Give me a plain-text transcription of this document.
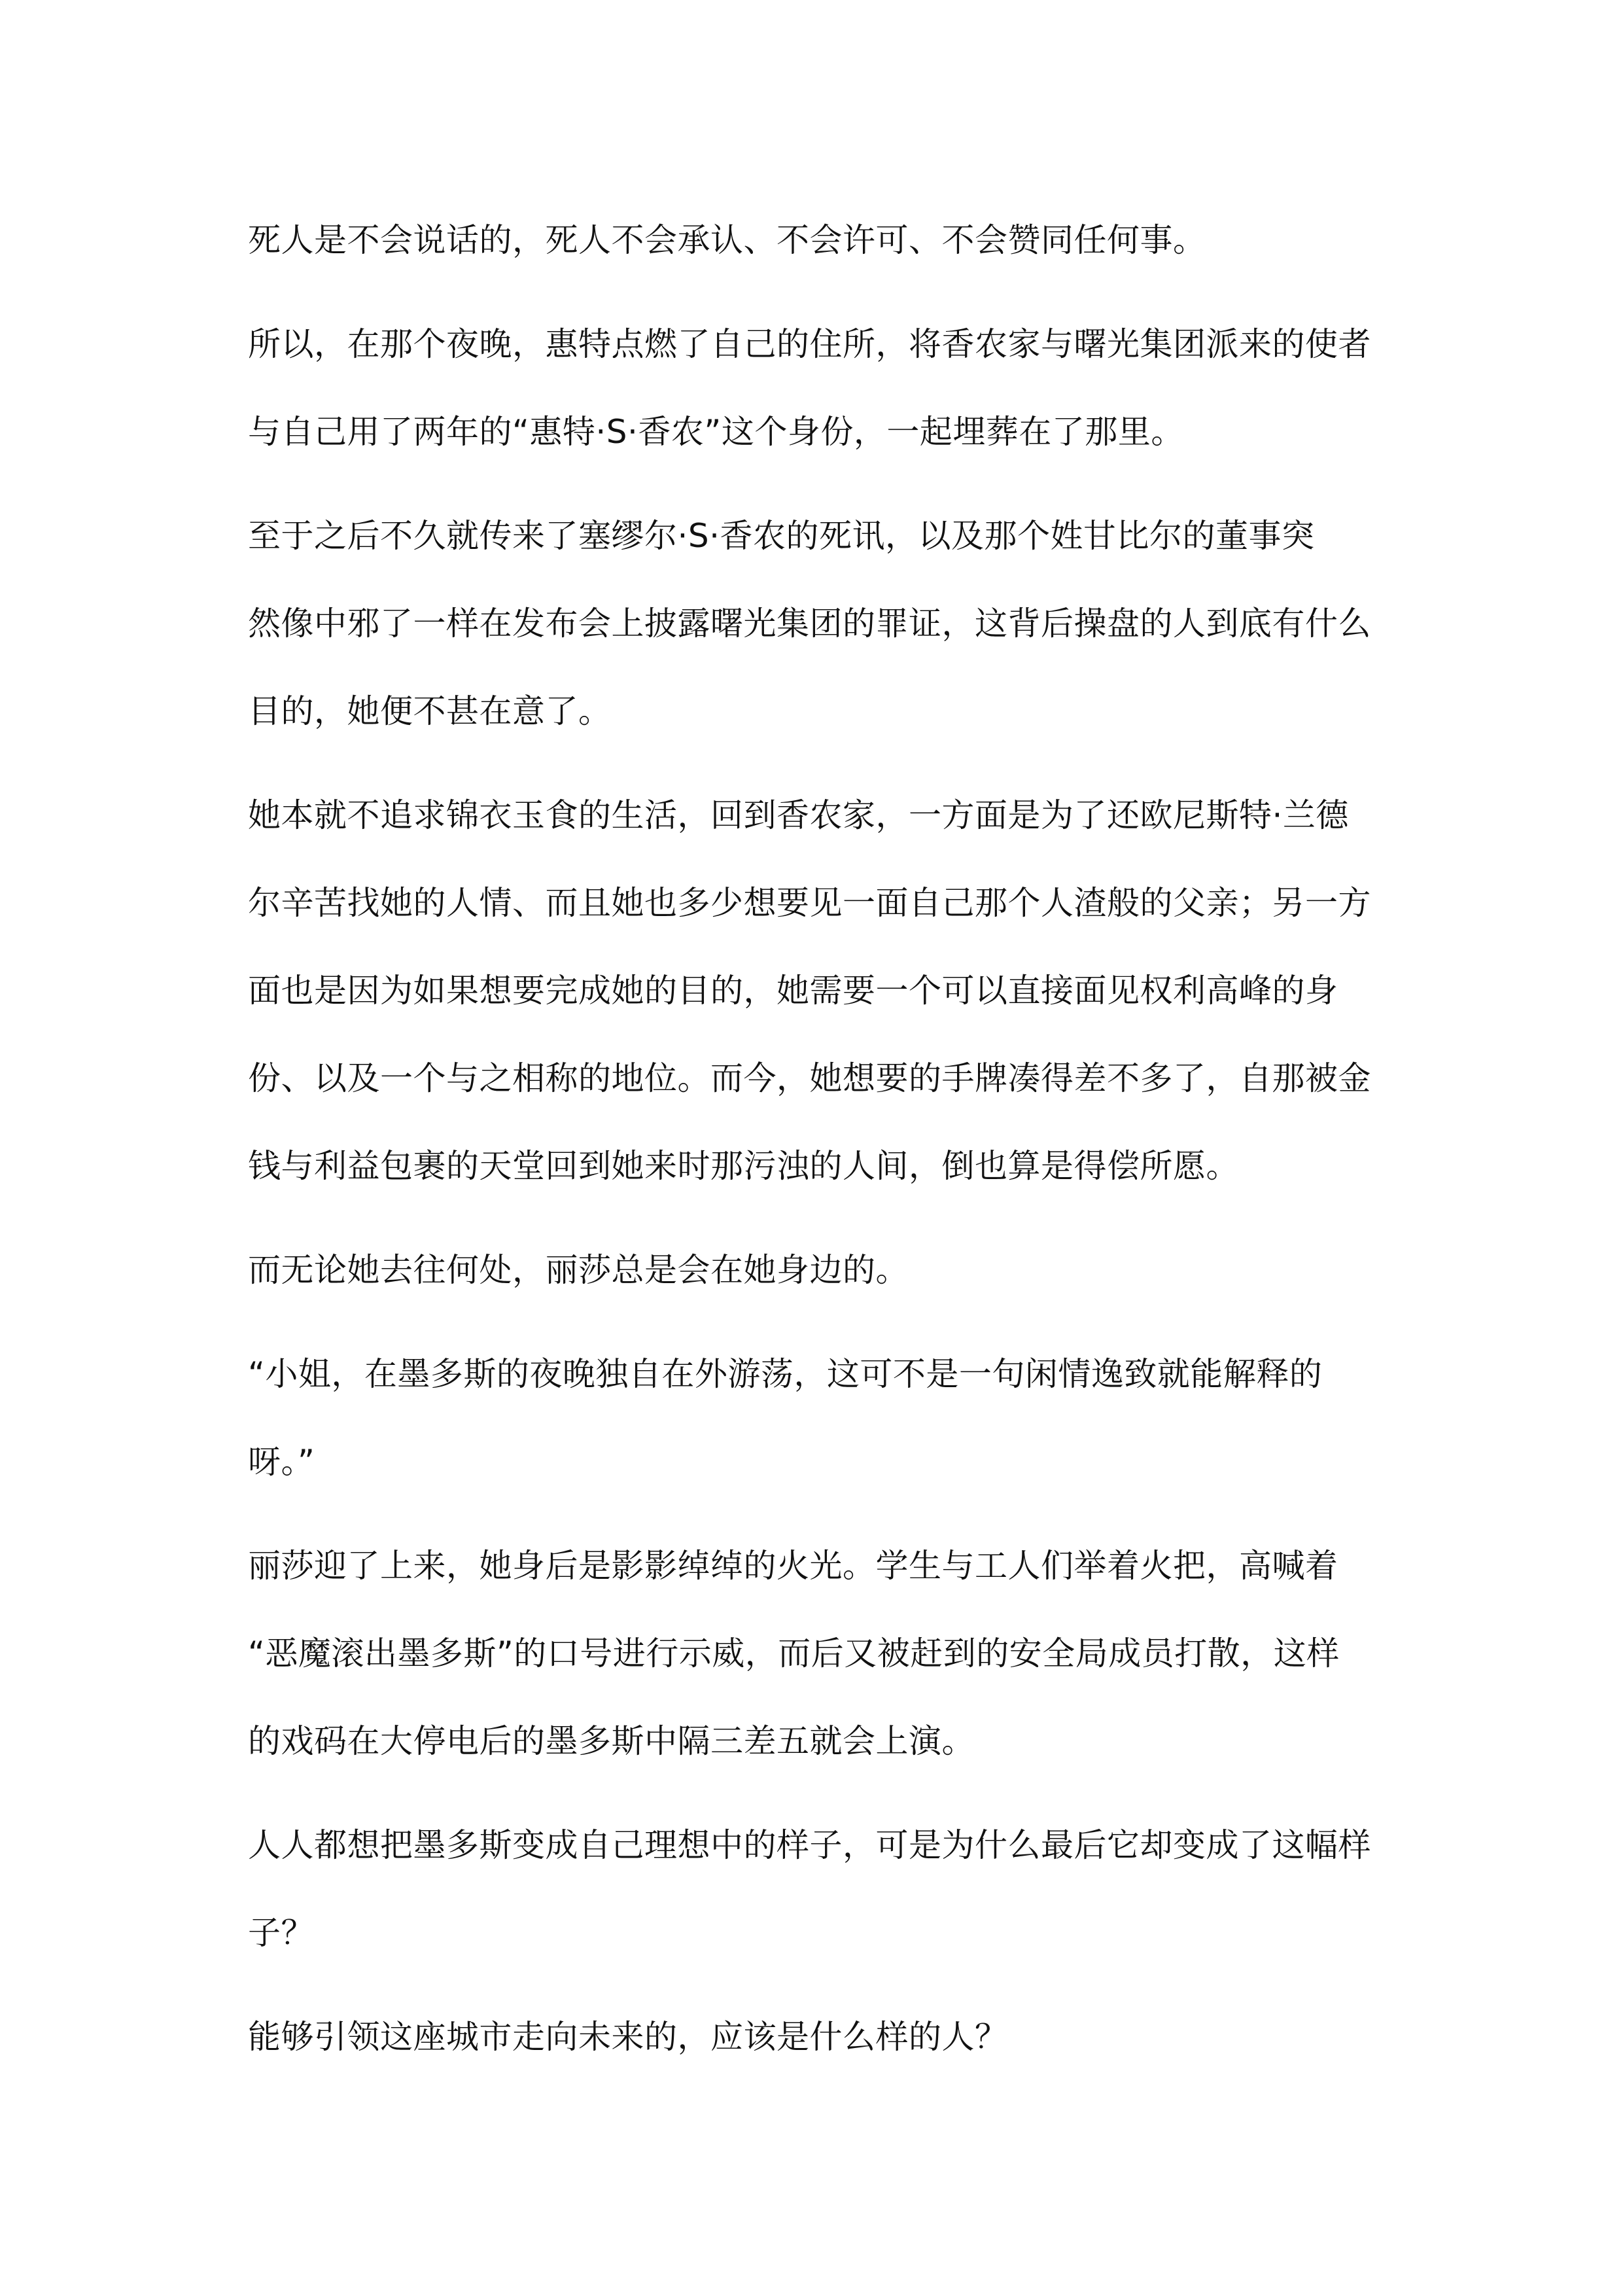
死人是不会说话的，死人不会承认、不会许可、不会赞同任何事。
所以，在那个夜晚，惠特点燃了自己的住所，将香农家与曙光集团派来的使者
与自己用了两年的“惠特·S·香农”这个身份，一起埋葬在了那里。
至于之后不久就传来了塞缪尔·S·香农的死讯，以及那个姓甘比尔的董事突
然像中邪了一样在发布会上披露曙光集团的罪证，这背后操盘的人到底有什么
目的，她便不甚在意了。
她本就不追求锦衣玉食的生活，回到香农家，一方面是为了还欧尼斯特·兰德
尔辛苦找她的人情、而且她也多少想要见一面自己那个人渣般的父亲；另一方
面也是因为如果想要完成她的目的，她需要一个可以直接面见权利高峰的身
份、以及一个与之相称的地位。而今，她想要的手牌凑得差不多了，自那被金
钱与利益包裹的天堂回到她来时那污浊的人间，倒也算是得偿所愿。
而无论她去往何处，丽莎总是会在她身边的。
“小姐，在墨多斯的夜晚独自在外游荡，这可不是一句闲情逸致就能解释的
呀。”
丽莎迎了上来，她身后是影影绰绰的火光。学生与工人们举着火把，高喊着
“恶魔滚出墨多斯”的口号进行示威，而后又被赶到的安全局成员打散，这样
的戏码在大停电后的墨多斯中隔三差五就会上演。
人人都想把墨多斯变成自己理想中的样子，可是为什么最后它却变成了这幅样
子？
能够引领这座城市走向未来的，应该是什么样的人？
